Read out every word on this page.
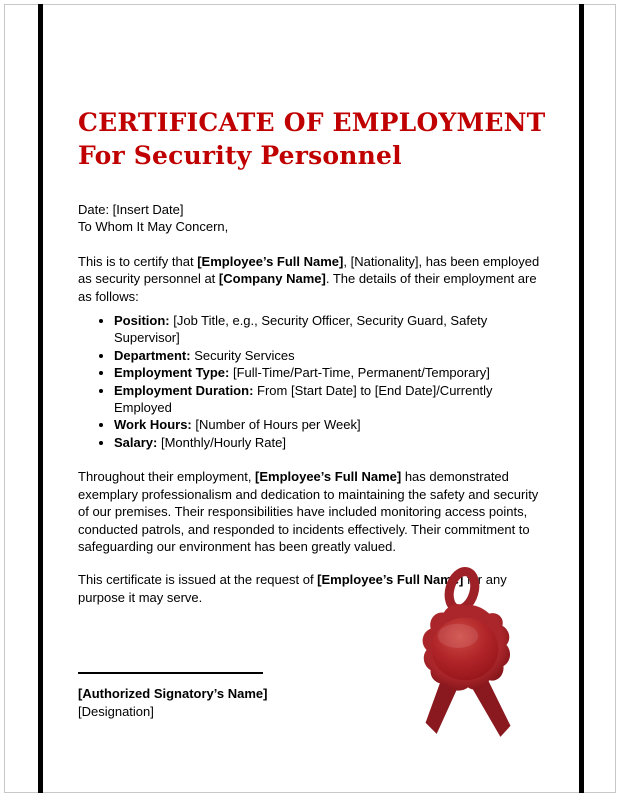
CERTIFICATE OF EMPLOYMENT
For Security Personnel
Date: [Insert Date]
To Whom It May Concern,

This is to certify that [Employee’s Full Name], [Nationality], has been employed as security personnel at [Company Name]. The details of their employment are as follows:

• Position: [Job Title, e.g., Security Officer, Security Guard, Safety Supervisor]
• Department: Security Services
• Employment Type: [Full-Time/Part-Time, Permanent/Temporary]
• Employment Duration: From [Start Date] to [End Date]/Currently Employed
• Work Hours: [Number of Hours per Week]
• Salary: [Monthly/Hourly Rate]

Throughout their employment, [Employee’s Full Name] has demonstrated exemplary professionalism and dedication to maintaining the safety and security of our premises. Their responsibilities have included monitoring access points, conducted patrols, and responded to incidents effectively. Their commitment to safeguarding our environment has been greatly valued.

This certificate is issued at the request of [Employee’s Full Name] for any purpose it may serve.

[Authorized Signatory’s Name]
[Designation]
